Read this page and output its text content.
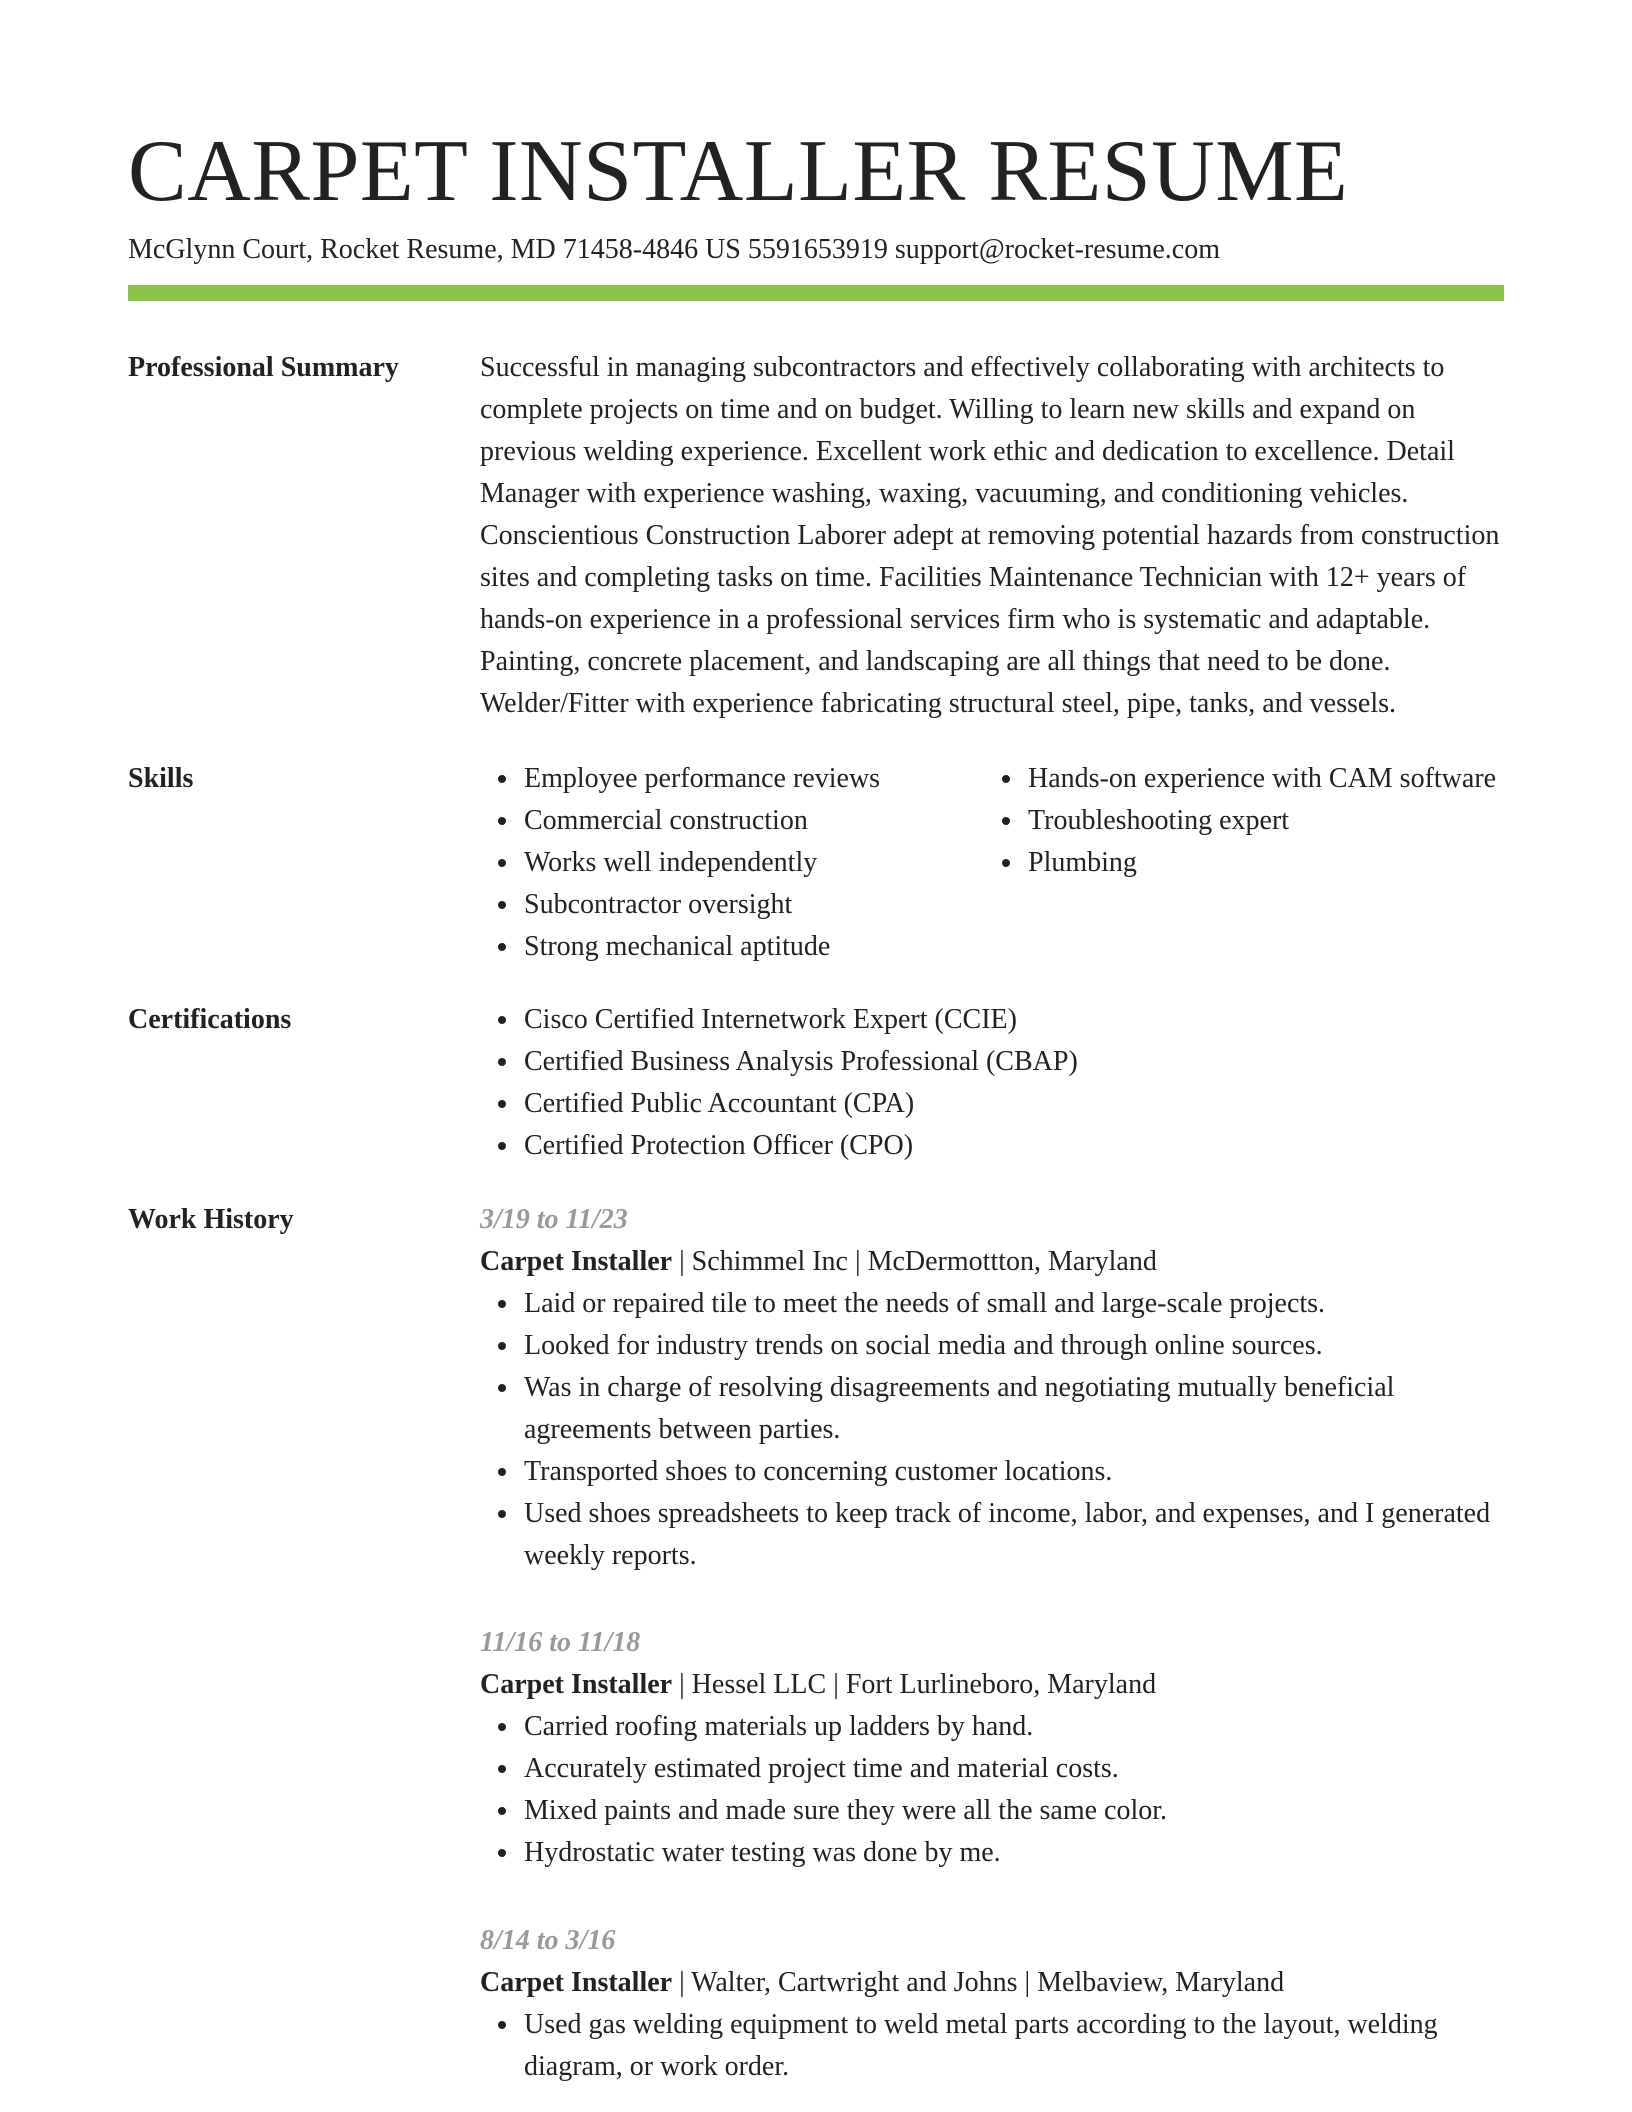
CARPET INSTALLER RESUME
McGlynn Court, Rocket Resume, MD 71458-4846 US 5591653919 support@rocket-resume.com
Professional Summary	Successful in managing subcontractors and effectively collaborating with architects to complete projects on time and on budget. Willing to learn new skills and expand on previous welding experience. Excellent work ethic and dedication to excellence. Detail Manager with experience washing, waxing, vacuuming, and conditioning vehicles. Conscientious Construction Laborer adept at removing potential hazards from construction sites and completing tasks on time. Facilities Maintenance Technician with 12+ years of hands-on experience in a professional services firm who is systematic and adaptable. Painting, concrete placement, and landscaping are all things that need to be done. Welder/Fitter with experience fabricating structural steel, pipe, tanks, and vessels.

Skills	Employee performance reviews
Commercial construction
Works well independently
Subcontractor oversight
Strong mechanical aptitude
Hands-on experience with CAM software
Troubleshooting expert
Plumbing
Certifications	Cisco Certified Internetwork Expert (CCIE)
Certified Business Analysis Professional (CBAP)
Certified Public Accountant (CPA)
Certified Protection Officer (CPO)
Work History	3/19 to 11/23
Carpet Installer | Schimmel Inc | McDermottton, Maryland
Laid or repaired tile to meet the needs of small and large-scale projects.
Looked for industry trends on social media and through online sources.
Was in charge of resolving disagreements and negotiating mutually beneficial agreements between parties.
Transported shoes to concerning customer locations.
Used shoes spreadsheets to keep track of income, labor, and expenses, and I generated weekly reports.
11/16 to 11/18
Carpet Installer | Hessel LLC | Fort Lurlineboro, Maryland
Carried roofing materials up ladders by hand.
Accurately estimated project time and material costs.
Mixed paints and made sure they were all the same color.
Hydrostatic water testing was done by me.
8/14 to 3/16
Carpet Installer | Walter, Cartwright and Johns | Melbaview, Maryland
Used gas welding equipment to weld metal parts according to the layout, welding diagram, or work order.
